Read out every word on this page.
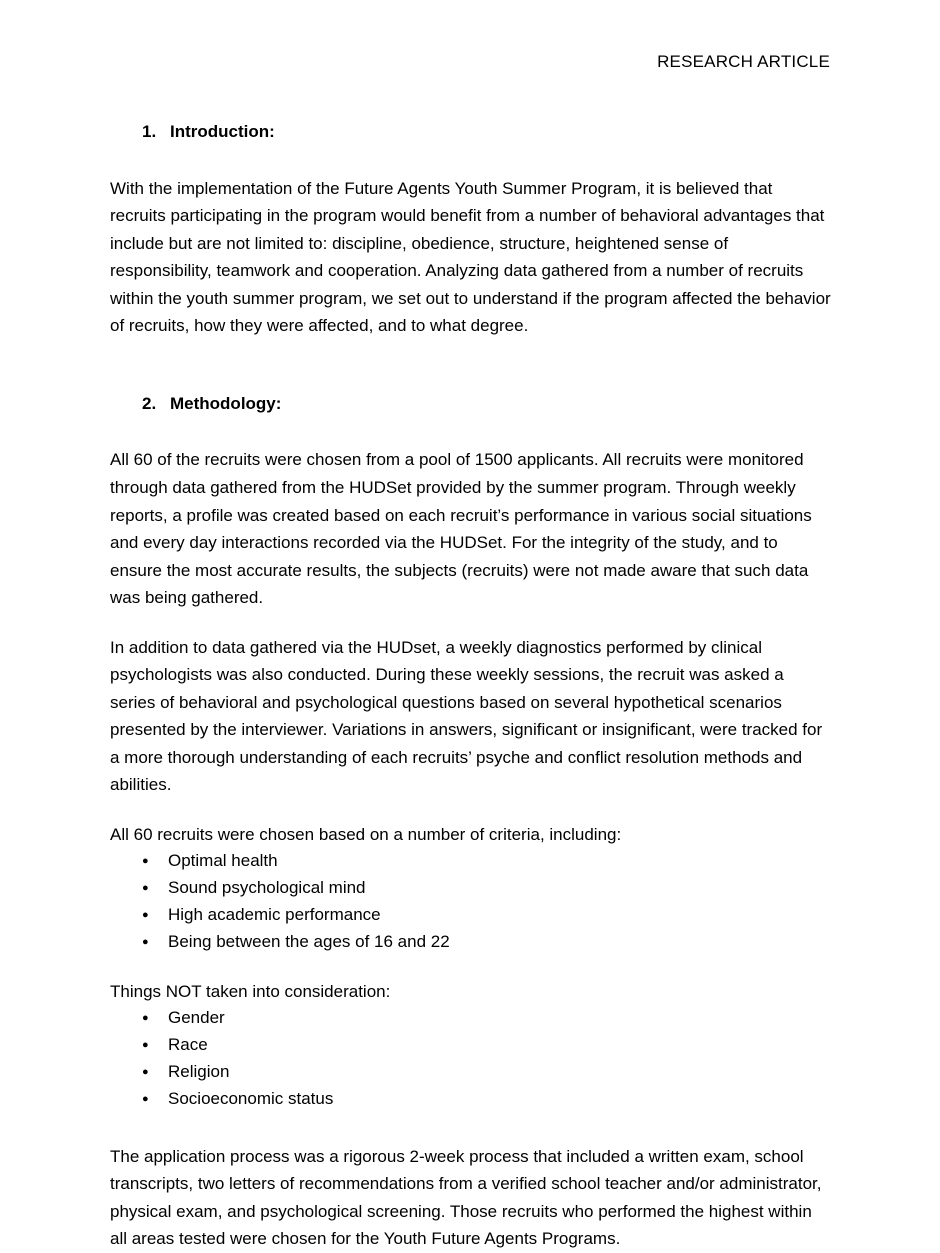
RESEARCH ARTICLE
1. Introduction:

With the implementation of the Future Agents Youth Summer Program, it is believed that recruits participating in the program would benefit from a number of behavioral advantages that include but are not limited to: discipline, obedience, structure, heightened sense of responsibility, teamwork and cooperation. Analyzing data gathered from a number of recruits within the youth summer program, we set out to understand if the program affected the behavior of recruits, how they were affected, and to what degree.

2. Methodology:

All 60 of the recruits were chosen from a pool of 1500 applicants. All recruits were monitored through data gathered from the HUDSet provided by the summer program. Through weekly reports, a profile was created based on each recruit’s performance in various social situations and every day interactions recorded via the HUDSet. For the integrity of the study, and to ensure the most accurate results, the subjects (recruits) were not made aware that such data was being gathered.

In addition to data gathered via the HUDset, a weekly diagnostics performed by clinical psychologists was also conducted. During these weekly sessions, the recruit was asked a series of behavioral and psychological questions based on several hypothetical scenarios presented by the interviewer. Variations in answers, significant or insignificant, were tracked for a more thorough understanding of each recruits’ psyche and conflict resolution methods and abilities.

All 60 recruits were chosen based on a number of criteria, including:

● Optimal health
● Sound psychological mind
● High academic performance
● Being between the ages of 16 and 22

Things NOT taken into consideration:

● Gender
● Race
● Religion
● Socioeconomic status

The application process was a rigorous 2-week process that included a written exam, school transcripts, two letters of recommendations from a verified school teacher and/or administrator, physical exam, and psychological screening. Those recruits who performed the highest within all areas tested were chosen for the Youth Future Agents Programs.
